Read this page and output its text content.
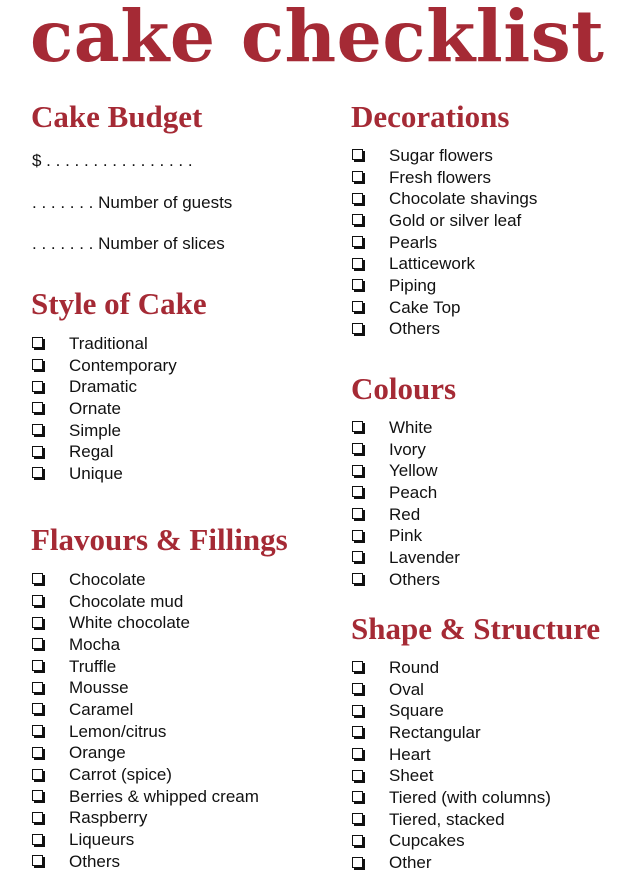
cake checklist
Cake Budget
$ . . . . . . . . . . . . . . . .
. . . . . . . Number of guests
. . . . . . . Number of slices
Style of Cake
Traditional
Contemporary
Dramatic
Ornate
Simple
Regal
Unique
Flavours & Fillings
Chocolate
Chocolate mud
White chocolate
Mocha
Truffle
Mousse
Caramel
Lemon/citrus
Orange
Carrot (spice)
Berries & whipped cream
Raspberry
Liqueurs
Others
Decorations
Sugar flowers
Fresh flowers
Chocolate shavings
Gold or silver leaf
Pearls
Latticework
Piping
Cake Top
Others
Colours
White
Ivory
Yellow
Peach
Red
Pink
Lavender
Others
Shape & Structure
Round
Oval
Square
Rectangular
Heart
Sheet
Tiered (with columns)
Tiered, stacked
Cupcakes
Other
